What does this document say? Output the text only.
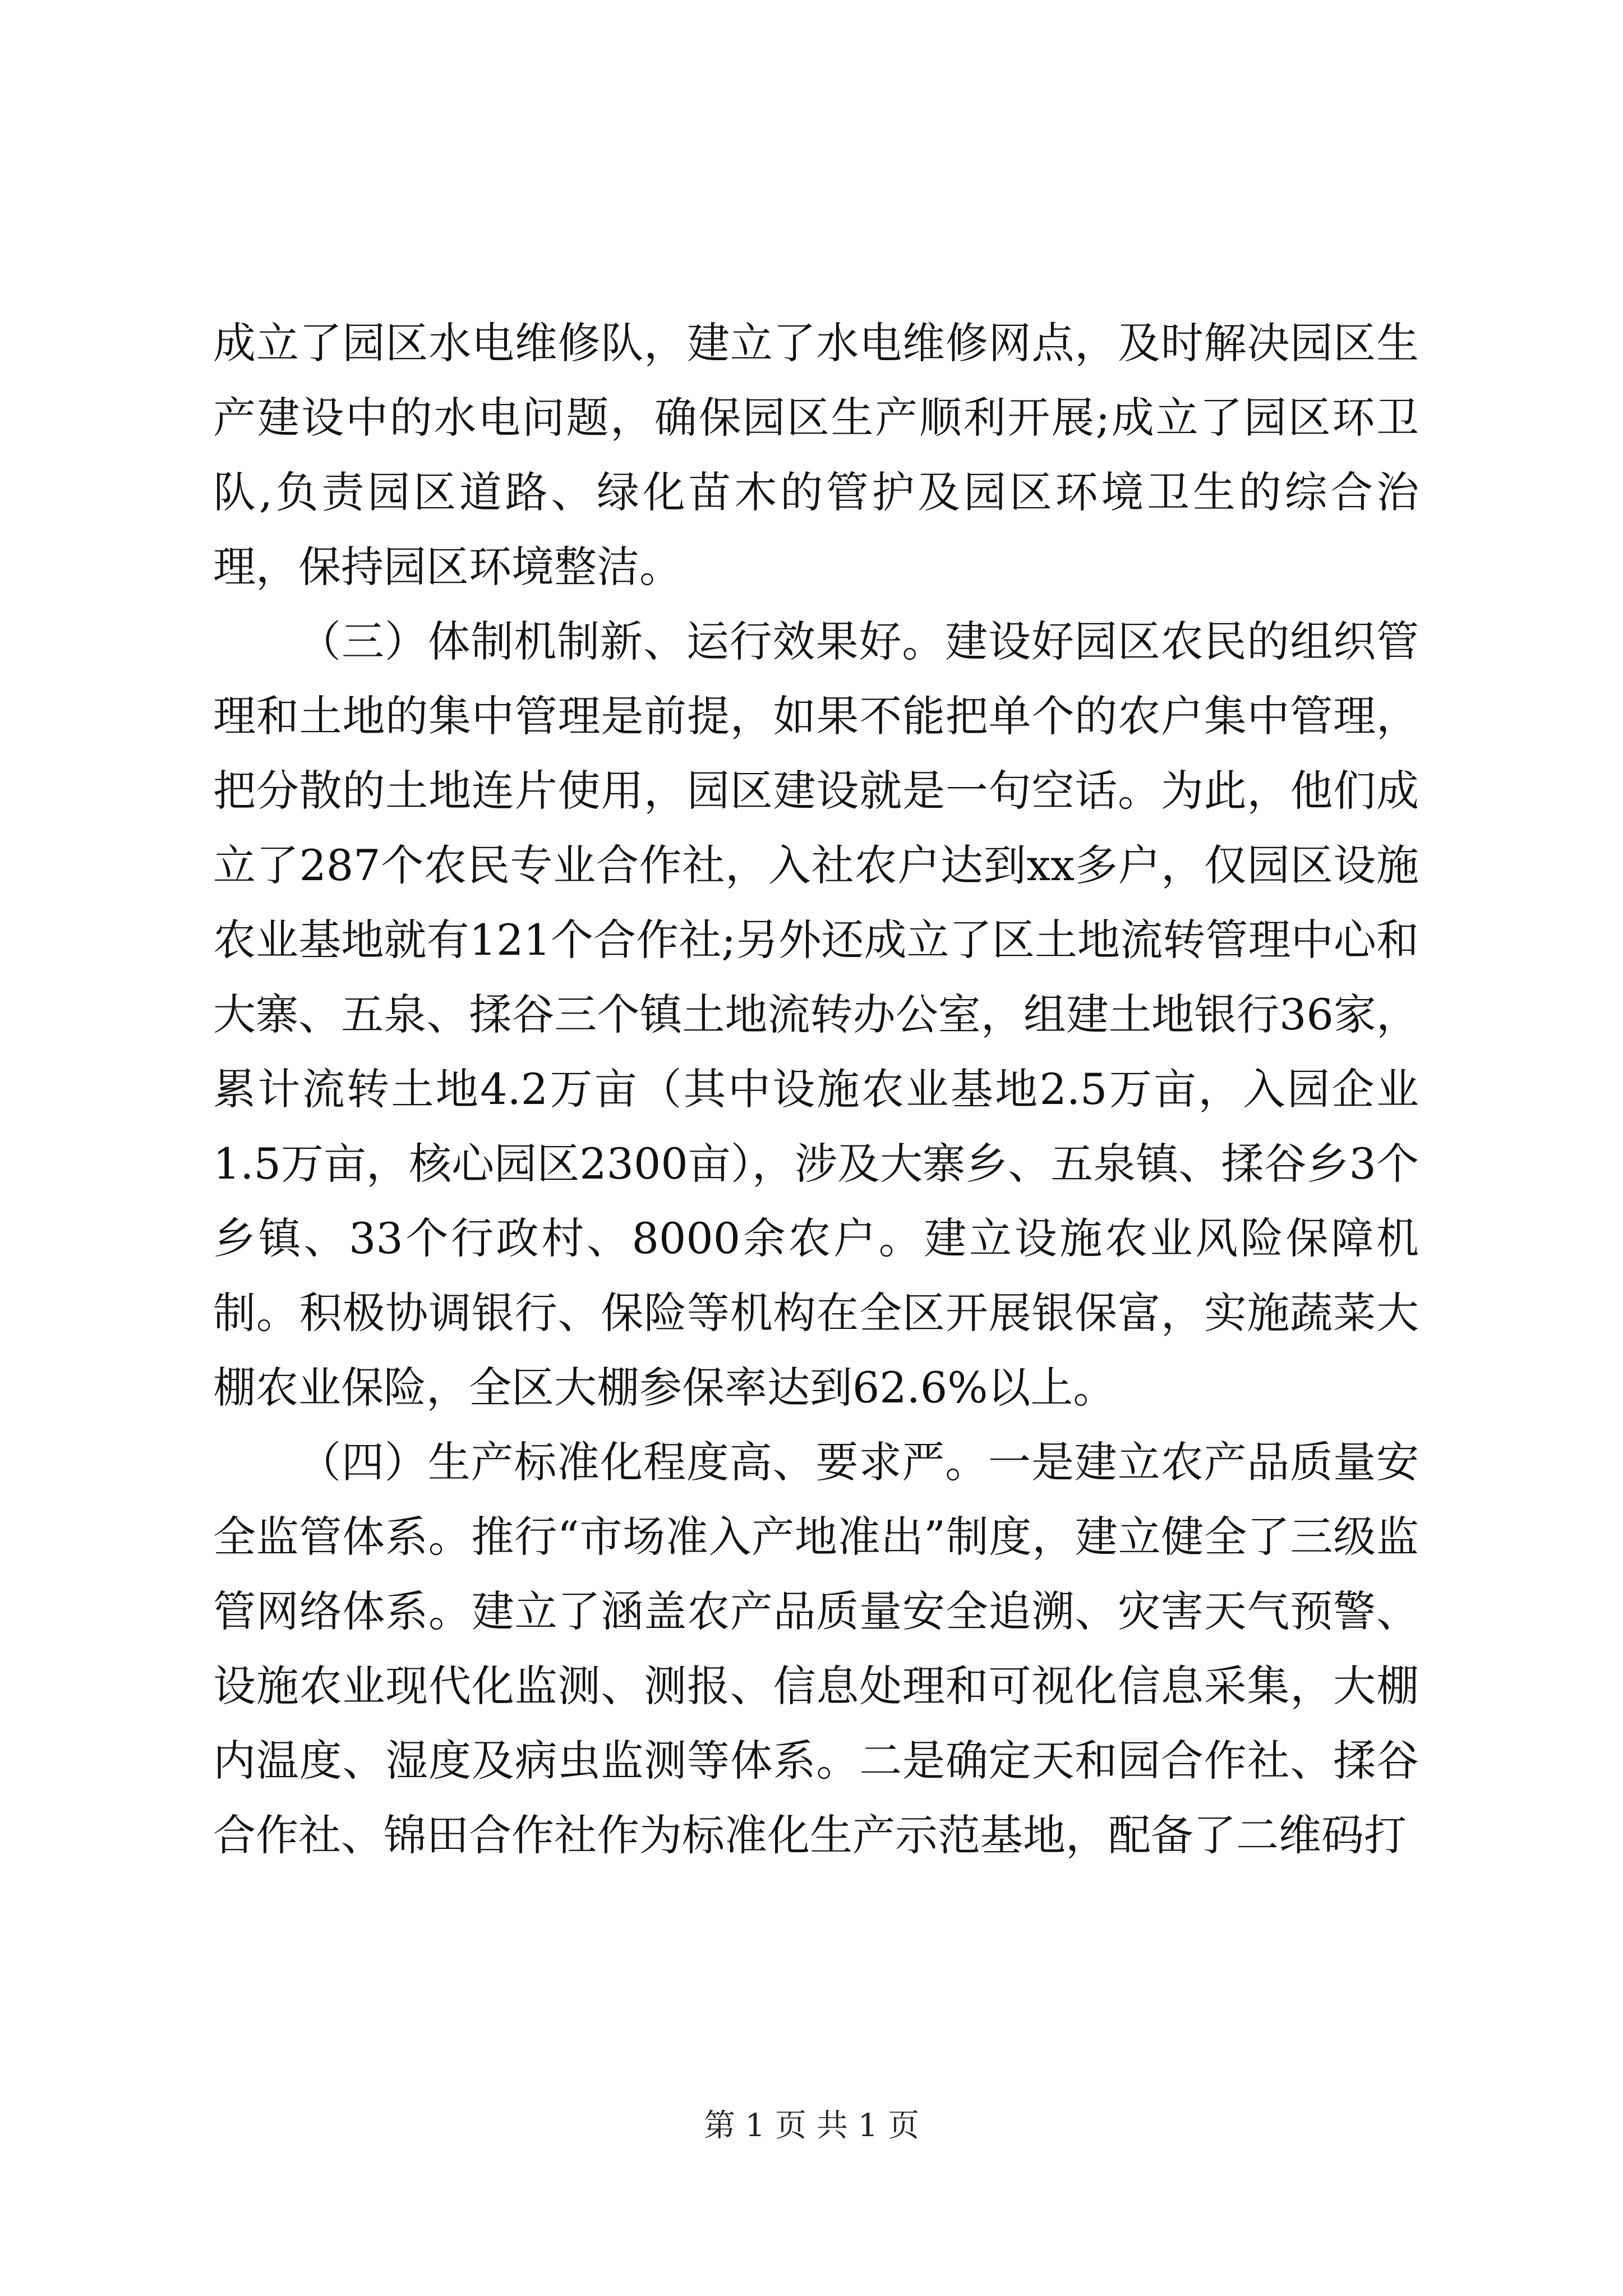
成立了园区水电维修队，建立了水电维修网点，及时解决园区生产建设中的水电问题，确保园区生产顺利开展;成立了园区环卫队,负责园区道路、绿化苗木的管护及园区环境卫生的综合治理，保持园区环境整洁。

（三）体制机制新、运行效果好。建设好园区农民的组织管理和土地的集中管理是前提，如果不能把单个的农户集中管理，把分散的土地连片使用，园区建设就是一句空话。为此，他们成立了287个农民专业合作社，入社农户达到xx多户，仅园区设施农业基地就有121个合作社;另外还成立了区土地流转管理中心和大寨、五泉、揉谷三个镇土地流转办公室，组建土地银行36家，累计流转土地4.2万亩（其中设施农业基地2.5万亩，入园企业1.5万亩，核心园区2300亩），涉及大寨乡、五泉镇、揉谷乡3个乡镇、33个行政村、8000余农户。建立设施农业风险保障机制。积极协调银行、保险等机构在全区开展银保富，实施蔬菜大棚农业保险，全区大棚参保率达到62.6%以上。

（四）生产标准化程度高、要求严。一是建立农产品质量安全监管体系。推行“市场准入产地准出”制度，建立健全了三级监管网络体系。建立了涵盖农产品质量安全追溯、灾害天气预警、设施农业现代化监测、测报、信息处理和可视化信息采集，大棚内温度、湿度及病虫监测等体系。二是确定天和园合作社、揉谷合作社、锦田合作社作为标准化生产示范基地，配备了二维码打

第 1 页 共 1 页
